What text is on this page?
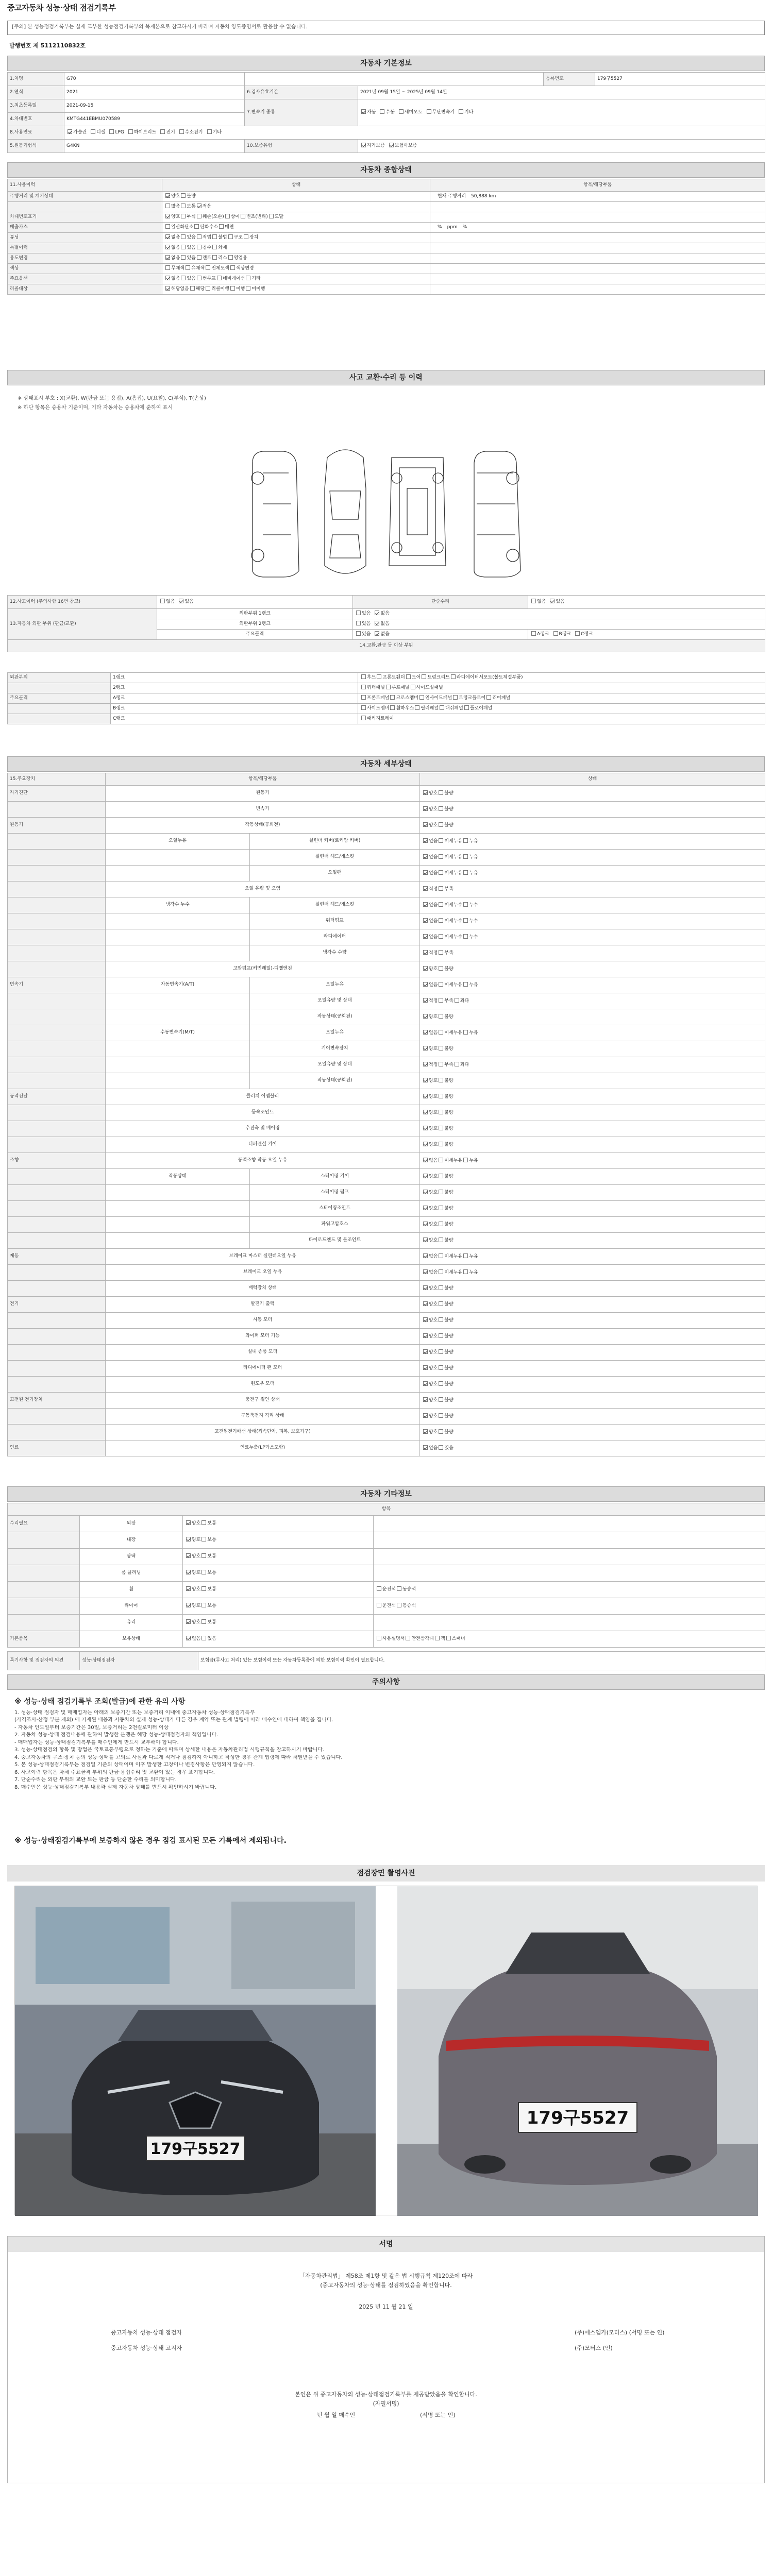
중고자동차 성능·상태 점검기록부
[주의] 본 성능점검기록부는 실제 교부한 성능점검기록부의 복제본으로 참고하시기 바라며 자동차 양도증명서로 활용할 수 없습니다.
발행번호 제 5112110832호
자동차 기본정보
1.차명	G70			등록번호	179구5527
2.연식	2021	6.검사유효기간	2021년 09월 15일 ~ 2025년 09월 14일		
3.최초등록일	2021-09-15	7.변속기 종류	자동 수동 세미오토 무단변속기 기타		
4.차대번호	KMTG441EBMU070589				
8.사용연료	가솔린 디젤 LPG 하이브리드 전기 수소전기 기타				
5.원동기형식	G4KN	10.보증유형	자가보증 보험사보증		
자동차 종합상태
11.사용이력	상태	항목/해당부품
주행거리 및 계기상태	양호 불량	현재 주행거리 50,888 km
	많음 보통 적음	
차대번호표기	양호 부식 훼손(오손) 상이 변조(변타) 도말	
배출가스	일산화탄소 탄화수소 매연	% ppm %
튜닝	없음 있음 적법 불법 구조 장치	
특별이력	없음 있음 침수 화재	
용도변경	없음 있음 렌트 리스 영업용	
색상	무채색 유채색 전체도색 색상변경	
주요옵션	없음 있음 썬루프 네비게이션 기타	
리콜대상	해당없음 해당 리콜이행 이행 미이행	
사고 교환·수리 등 이력
※ 상태표시 부호 : X(교환), W(판금 또는 용접), A(흠집), U(요철), C(부식), T(손상)
※ 하단 항목은 승용차 기준이며, 기타 자동차는 승용차에 준하여 표시
12.사고이력 (주의사항 16번 참고)	없음 있음	단순수리	없음 있음
13.자동차 외판 부위 (판금/교환)	외판부위 1랭크	있음 없음	
	외판부위 2랭크	있음 없음	
	주요골격	있음 없음	A랭크 B랭크 C랭크
14.교환,판금 등 이상 부위			
외판부위	1랭크	후드 프론트휀더 도어 트렁크리드 라디에이터서포트(볼트체결부품)
	2랭크	쿼터패널 루프패널 사이드실패널
주요골격	A랭크	프론트패널 크로스멤버 인사이드패널 트렁크플로어 리어패널
	B랭크	사이드멤버 휠하우스 필러패널 대쉬패널 플로어패널
	C랭크	패키지트레이
자동차 세부상태
15.주요장치	항목/해당부품		상태
자기진단	원동기		양호 불량
	변속기		양호 불량
원동기	작동상태(공회전)		양호 불량
	오일누유	실린더 커버(로커암 커버)	없음 미세누유 누유
		실린더 헤드/개스킷	없음 미세누유 누유
		오일팬	없음 미세누유 누유
	오일 유량 및 오염		적정 부족
	냉각수 누수	실린더 헤드/개스킷	없음 미세누수 누수
		워터펌프	없음 미세누수 누수
		라디에이터	없음 미세누수 누수
		냉각수 수량	적정 부족
	고압펌프(커먼레일)-디젤엔진		양호 불량
변속기	자동변속기(A/T)	오일누유	없음 미세누유 누유
		오일유량 및 상태	적정 부족 과다
		작동상태(공회전)	양호 불량
	수동변속기(M/T)	오일누유	없음 미세누유 누유
		기어변속장치	양호 불량
		오일유량 및 상태	적정 부족 과다
		작동상태(공회전)	양호 불량
동력전달	클러치 어셈블리		양호 불량
	등속조인트		양호 불량
	추진축 및 베어링		양호 불량
	디퍼렌셜 기어		양호 불량
조향	동력조향 작동 오일 누유		없음 미세누유 누유
	작동상태	스티어링 기어	양호 불량
		스티어링 펌프	양호 불량
		스티어링조인트	양호 불량
		파워고압호스	양호 불량
		타이로드엔드 및 볼조인트	양호 불량
제동	브레이크 마스터 실린더오일 누유		없음 미세누유 누유
	브레이크 오일 누유		없음 미세누유 누유
	배력장치 상태		양호 불량
전기	발전기 출력		양호 불량
	시동 모터		양호 불량
	와이퍼 모터 기능		양호 불량
	실내 송풍 모터		양호 불량
	라디에이터 팬 모터		양호 불량
	윈도우 모터		양호 불량
고전원 전기장치	충전구 절연 상태		양호 불량
	구동축전지 격리 상태		양호 불량
	고전원전기배선 상태(접속단자, 피복, 보호기구)		양호 불량
연료	연료누출(LP가스포함)		없음 있음
자동차 기타정보
항목			
수리필요	외장	양호 보통	
	내장	양호 보통	
	광택	양호 보통	
	룸 클리닝	양호 보통	
	휠	양호 보통	운전석 동승석
	타이어	양호 보통	운전석 동승석
	유리	양호 보통	
기본품목	보유상태	없음 있음	사용설명서 안전삼각대 잭 스패너
특기사항 및 점검자의 의견	성능·상태점검자	보험금(무사고 처리) 있는 보험이력 또는 자동차등록증에 의한 보험이력 확인이 필요합니다.
주의사항
※ 성능·상태 점검기록부 조회(발급)에 관한 유의 사항
1. 성능·상태 점검자 및 매매업자는 아래의 보증기간 또는 보증거리 이내에 중고자동차 성능·상태점검기록부
(가격조사·산정 부분 제외) 에 기재된 내용과 자동차의 실제 성능·상태가 다른 경우 계약 또는 관계 법령에 따라 매수인에 대하여 책임을 집니다.
- 자동차 인도일부터 보증기간은 30일, 보증거리는 2천킬로미터 이상
2. 자동차 성능·상태 점검내용에 관하여 발생한 분쟁은 해당 성능·상태점검자의 책임입니다.
- 매매업자는 성능·상태점검기록부를 매수인에게 반드시 교부해야 합니다.
3. 성능·상태점검의 항목 및 방법은 국토교통부령으로 정하는 기준에 따르며 상세한 내용은 자동차관리법 시행규칙을 참고하시기 바랍니다.
4. 중고자동차의 구조·장치 등의 성능·상태를 고의로 사실과 다르게 적거나 점검하지 아니하고 작성한 경우 관계 법령에 따라 처벌받을 수 있습니다.
5. 본 성능·상태점검기록부는 점검일 기준의 상태이며 이후 발생한 고장이나 변경사항은 반영되지 않습니다.
6. 사고이력 항목은 차체 주요골격 부위의 판금·용접수리 및 교환이 있는 경우 표기합니다.
7. 단순수리는 외판 부위의 교환 또는 판금 등 단순한 수리를 의미합니다.
8. 매수인은 성능·상태점검기록부 내용과 실제 자동차 상태를 반드시 확인하시기 바랍니다.
※ 성능·상태점검기록부에 보증하지 않은 경우 점검 표시된 모든 기록에서 제외됩니다.
점검장면 촬영사진
179구5527
179구5527
서명

「자동차관리법」 제58조 제1항 및 같은 법 시행규칙 제120조에 따라

(중고자동차의 성능·상태를 점검하였음을 확인합니다.

2025 년 11 월 21 일

중고자동차 성능·상태 점검자	(주)에스엠카(모터스) (서명 또는 인)

중고자동차 성능·상태 고지자	(주)모터스 (인)

본인은 위 중고자동차의 성능·상태점검기록부를 제공받았음을 확인합니다.

(자필서명)

년 월 일 매수인	(서명 또는 인)
